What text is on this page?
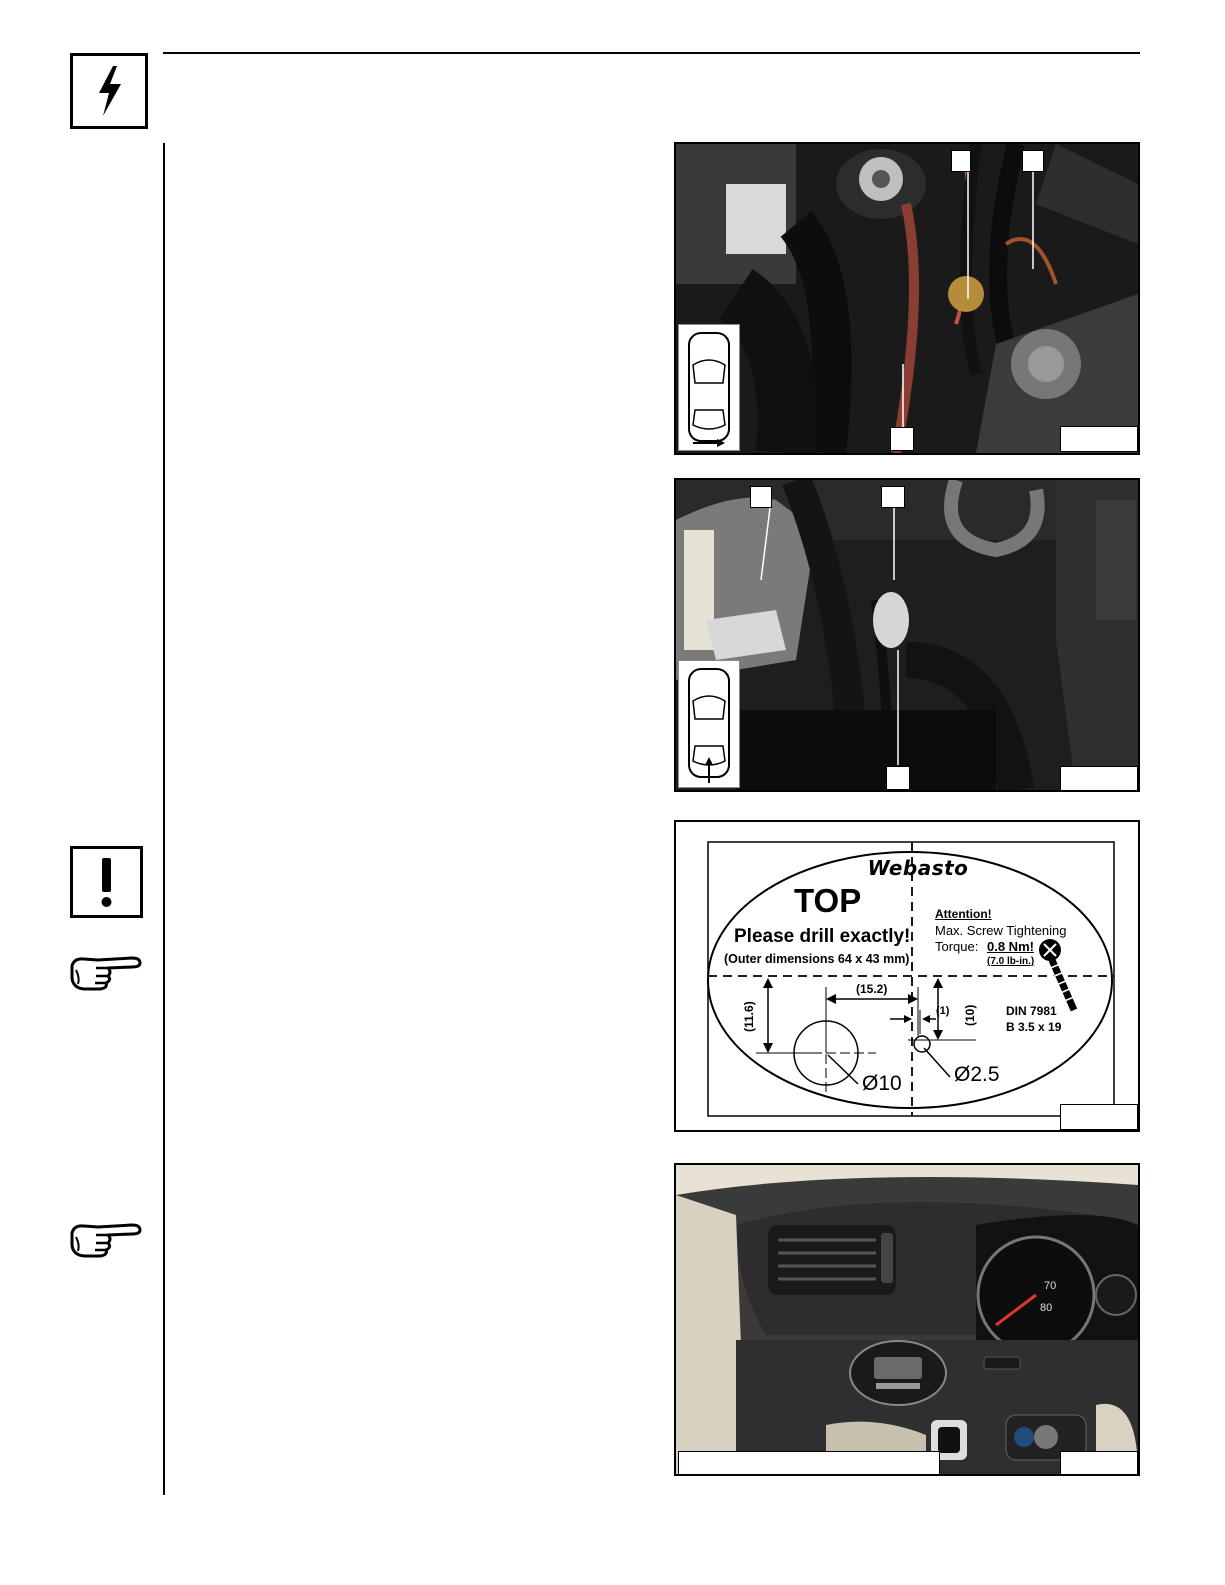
Webasto
TOP
Please drill exactly!
(Outer dimensions 64 x 43 mm)
Attention!
Max. Screw Tightening
Torque: 0.8 Nm!
(7.0 lb-in.)
DIN 7981
B 3.5 x 19
(15.2)
(11.6)	(10)
(1)
Ø10 Ø2.5
70
80
